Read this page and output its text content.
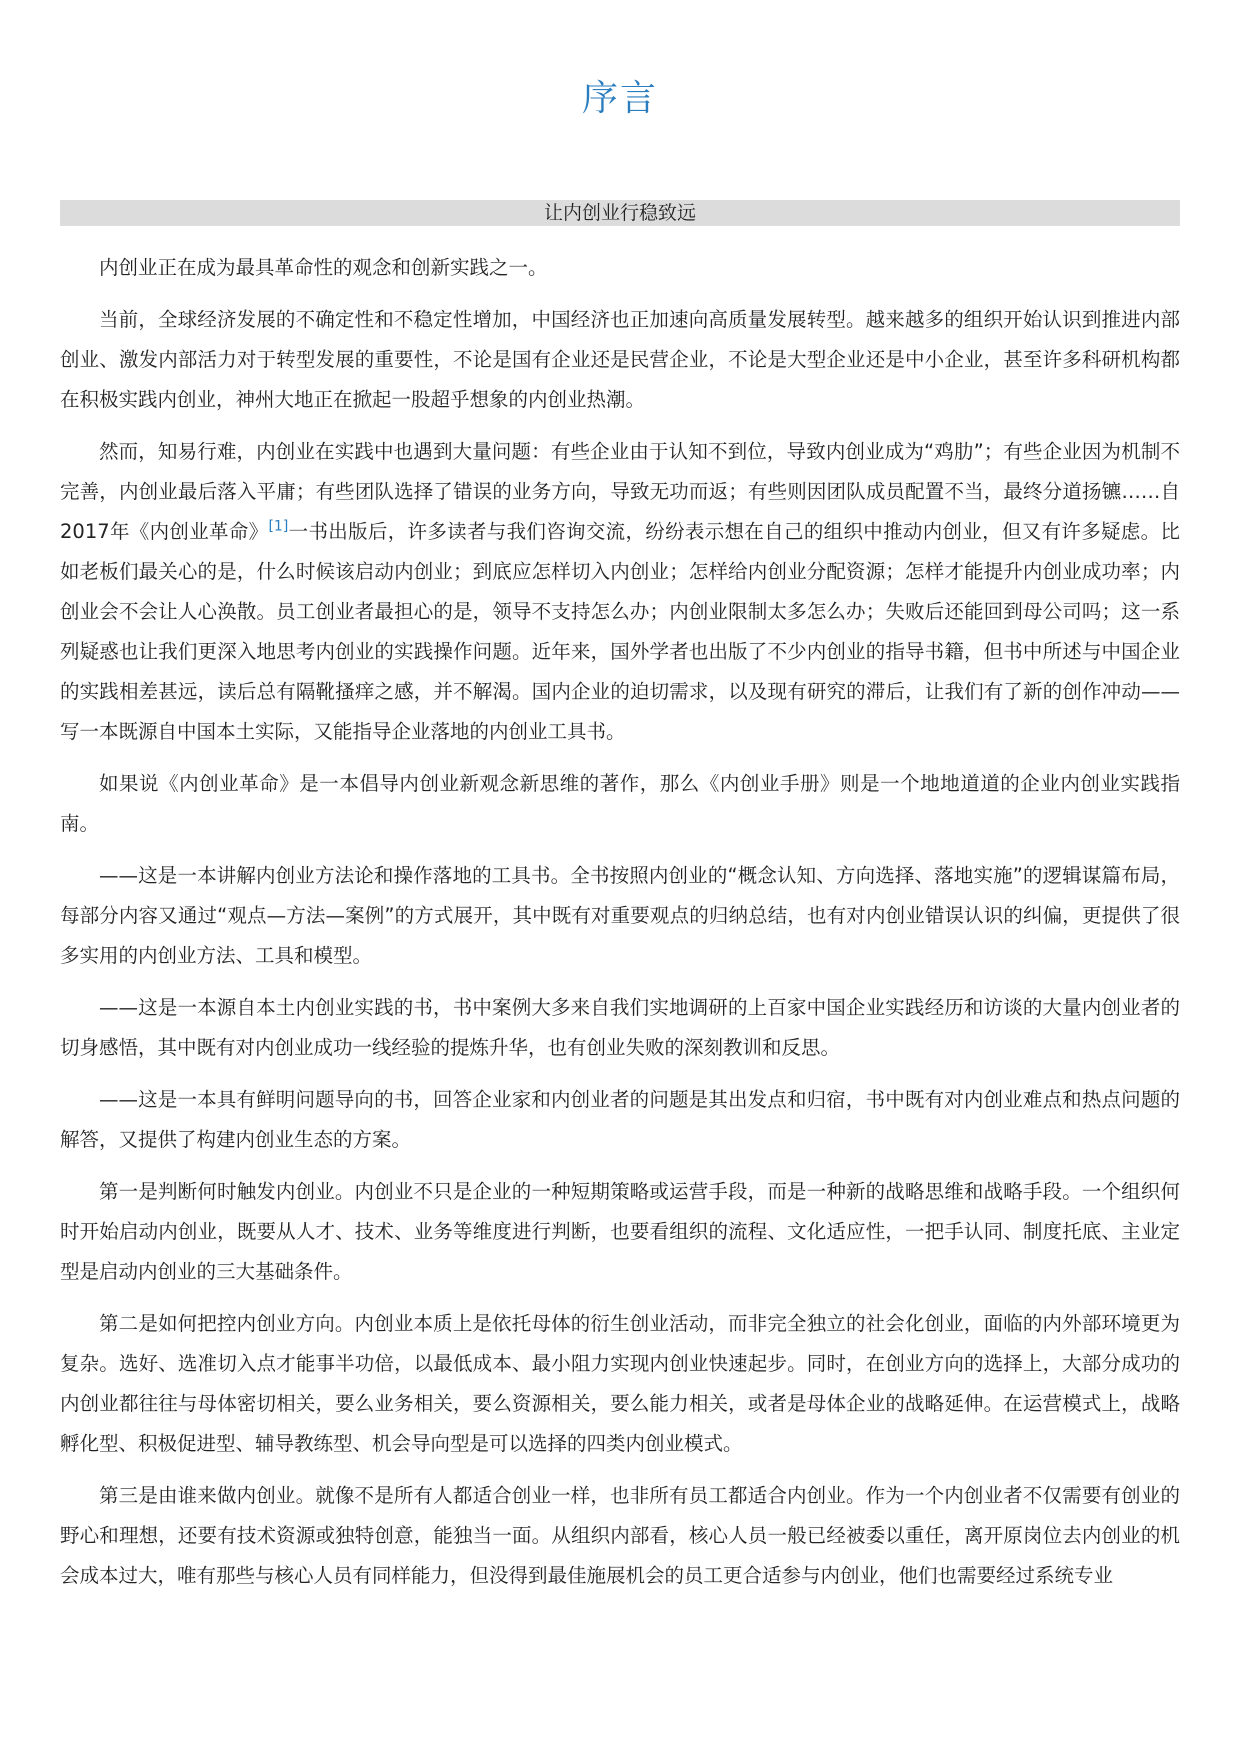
序言
让内创业行稳致远

内创业正在成为最具革命性的观念和创新实践之一。

当前，全球经济发展的不确定性和不稳定性增加，中国经济也正加速向高质量发展转型。越来越多的组织开始认识到推进内部创业、激发内部活力对于转型发展的重要性，不论是国有企业还是民营企业，不论是大型企业还是中小企业，甚至许多科研机构都在积极实践内创业，神州大地正在掀起一股超乎想象的内创业热潮。

然而，知易行难，内创业在实践中也遇到大量问题：有些企业由于认知不到位，导致内创业成为“鸡肋”；有些企业因为机制不完善，内创业最后落入平庸；有些团队选择了错误的业务方向，导致无功而返；有些则因团队成员配置不当，最终分道扬镳……自2017年《内创业革命》[1]一书出版后，许多读者与我们咨询交流，纷纷表示想在自己的组织中推动内创业，但又有许多疑虑。比如老板们最关心的是，什么时候该启动内创业；到底应怎样切入内创业；怎样给内创业分配资源；怎样才能提升内创业成功率；内创业会不会让人心涣散。员工创业者最担心的是，领导不支持怎么办；内创业限制太多怎么办；失败后还能回到母公司吗；这一系列疑惑也让我们更深入地思考内创业的实践操作问题。近年来，国外学者也出版了不少内创业的指导书籍，但书中所述与中国企业的实践相差甚远，读后总有隔靴搔痒之感，并不解渴。国内企业的迫切需求，以及现有研究的滞后，让我们有了新的创作冲动——写一本既源自中国本土实际，又能指导企业落地的内创业工具书。

如果说《内创业革命》是一本倡导内创业新观念新思维的著作，那么《内创业手册》则是一个地地道道的企业内创业实践指南。

——这是一本讲解内创业方法论和操作落地的工具书。全书按照内创业的“概念认知、方向选择、落地实施”的逻辑谋篇布局，每部分内容又通过“观点—方法—案例”的方式展开，其中既有对重要观点的归纳总结，也有对内创业错误认识的纠偏，更提供了很多实用的内创业方法、工具和模型。

——这是一本源自本土内创业实践的书，书中案例大多来自我们实地调研的上百家中国企业实践经历和访谈的大量内创业者的切身感悟，其中既有对内创业成功一线经验的提炼升华，也有创业失败的深刻教训和反思。

——这是一本具有鲜明问题导向的书，回答企业家和内创业者的问题是其出发点和归宿，书中既有对内创业难点和热点问题的解答，又提供了构建内创业生态的方案。

第一是判断何时触发内创业。内创业不只是企业的一种短期策略或运营手段，而是一种新的战略思维和战略手段。一个组织何时开始启动内创业，既要从人才、技术、业务等维度进行判断，也要看组织的流程、文化适应性，一把手认同、制度托底、主业定型是启动内创业的三大基础条件。

第二是如何把控内创业方向。内创业本质上是依托母体的衍生创业活动，而非完全独立的社会化创业，面临的内外部环境更为复杂。选好、选准切入点才能事半功倍，以最低成本、最小阻力实现内创业快速起步。同时，在创业方向的选择上，大部分成功的内创业都往往与母体密切相关，要么业务相关，要么资源相关，要么能力相关，或者是母体企业的战略延伸。在运营模式上，战略孵化型、积极促进型、辅导教练型、机会导向型是可以选择的四类内创业模式。

第三是由谁来做内创业。就像不是所有人都适合创业一样，也非所有员工都适合内创业。作为一个内创业者不仅需要有创业的野心和理想，还要有技术资源或独特创意，能独当一面。从组织内部看，核心人员一般已经被委以重任，离开原岗位去内创业的机会成本过大，唯有那些与核心人员有同样能力，但没得到最佳施展机会的员工更合适参与内创业，他们也需要经过系统专业
